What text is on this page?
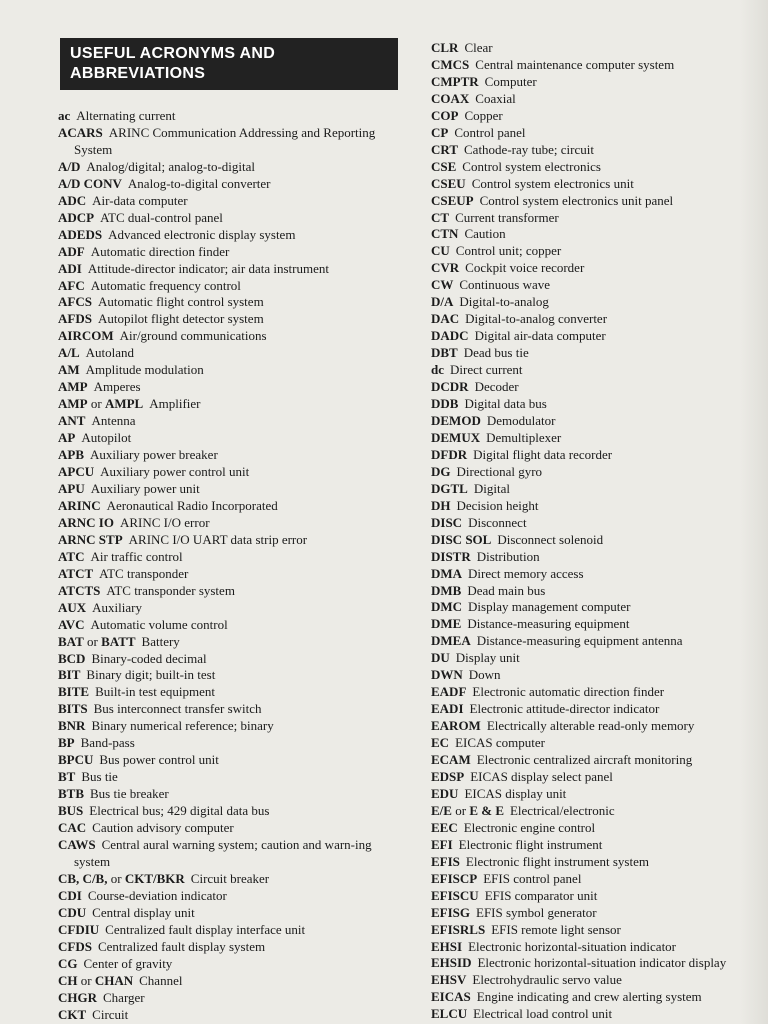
USEFUL ACRONYMS AND
ABBREVIATIONS
ac Alternating current
ACARS ARINC Communication Addressing and Reporting System
A/D Analog/digital; analog-to-digital
A/D CONV Analog-to-digital converter
ADC Air-data computer
ADCP ATC dual-control panel
ADEDS Advanced electronic display system
ADF Automatic direction finder
ADI Attitude-director indicator; air data instrument
AFC Automatic frequency control
AFCS Automatic flight control system
AFDS Autopilot flight detector system
AIRCOM Air/ground communications
A/L Autoland
AM Amplitude modulation
AMP Amperes
AMP or AMPL Amplifier
ANT Antenna
AP Autopilot
APB Auxiliary power breaker
APCU Auxiliary power control unit
APU Auxiliary power unit
ARINC Aeronautical Radio Incorporated
ARNC IO ARINC I/O error
ARNC STP ARINC I/O UART data strip error
ATC Air traffic control
ATCT ATC transponder
ATCTS ATC transponder system
AUX Auxiliary
AVC Automatic volume control
BAT or BATT Battery
BCD Binary-coded decimal
BIT Binary digit; built-in test
BITE Built-in test equipment
BITS Bus interconnect transfer switch
BNR Binary numerical reference; binary
BP Band-pass
BPCU Bus power control unit
BT Bus tie
BTB Bus tie breaker
BUS Electrical bus; 429 digital data bus
CAC Caution advisory computer
CAWS Central aural warning system; caution and warn-ing system
CB, C/B, or CKT/BKR Circuit breaker
CDI Course-deviation indicator
CDU Central display unit
CFDIU Centralized fault display interface unit
CFDS Centralized fault display system
CG Center of gravity
CH or CHAN Channel
CHGR Charger
CKT Circuit
CLR Clear
CMCS Central maintenance computer system
CMPTR Computer
COAX Coaxial
COP Copper
CP Control panel
CRT Cathode-ray tube; circuit
CSE Control system electronics
CSEU Control system electronics unit
CSEUP Control system electronics unit panel
CT Current transformer
CTN Caution
CU Control unit; copper
CVR Cockpit voice recorder
CW Continuous wave
D/A Digital-to-analog
DAC Digital-to-analog converter
DADC Digital air-data computer
DBT Dead bus tie
dc Direct current
DCDR Decoder
DDB Digital data bus
DEMOD Demodulator
DEMUX Demultiplexer
DFDR Digital flight data recorder
DG Directional gyro
DGTL Digital
DH Decision height
DISC Disconnect
DISC SOL Disconnect solenoid
DISTR Distribution
DMA Direct memory access
DMB Dead main bus
DMC Display management computer
DME Distance-measuring equipment
DMEA Distance-measuring equipment antenna
DU Display unit
DWN Down
EADF Electronic automatic direction finder
EADI Electronic attitude-director indicator
EAROM Electrically alterable read-only memory
EC EICAS computer
ECAM Electronic centralized aircraft monitoring
EDSP EICAS display select panel
EDU EICAS display unit
E/E or E & E Electrical/electronic
EEC Electronic engine control
EFI Electronic flight instrument
EFIS Electronic flight instrument system
EFISCP EFIS control panel
EFISCU EFIS comparator unit
EFISG EFIS symbol generator
EFISRLS EFIS remote light sensor
EHSI Electronic horizontal-situation indicator
EHSID Electronic horizontal-situation indicator display
EHSV Electrohydraulic servo value
EICAS Engine indicating and crew alerting system
ELCU Electrical load control unit
